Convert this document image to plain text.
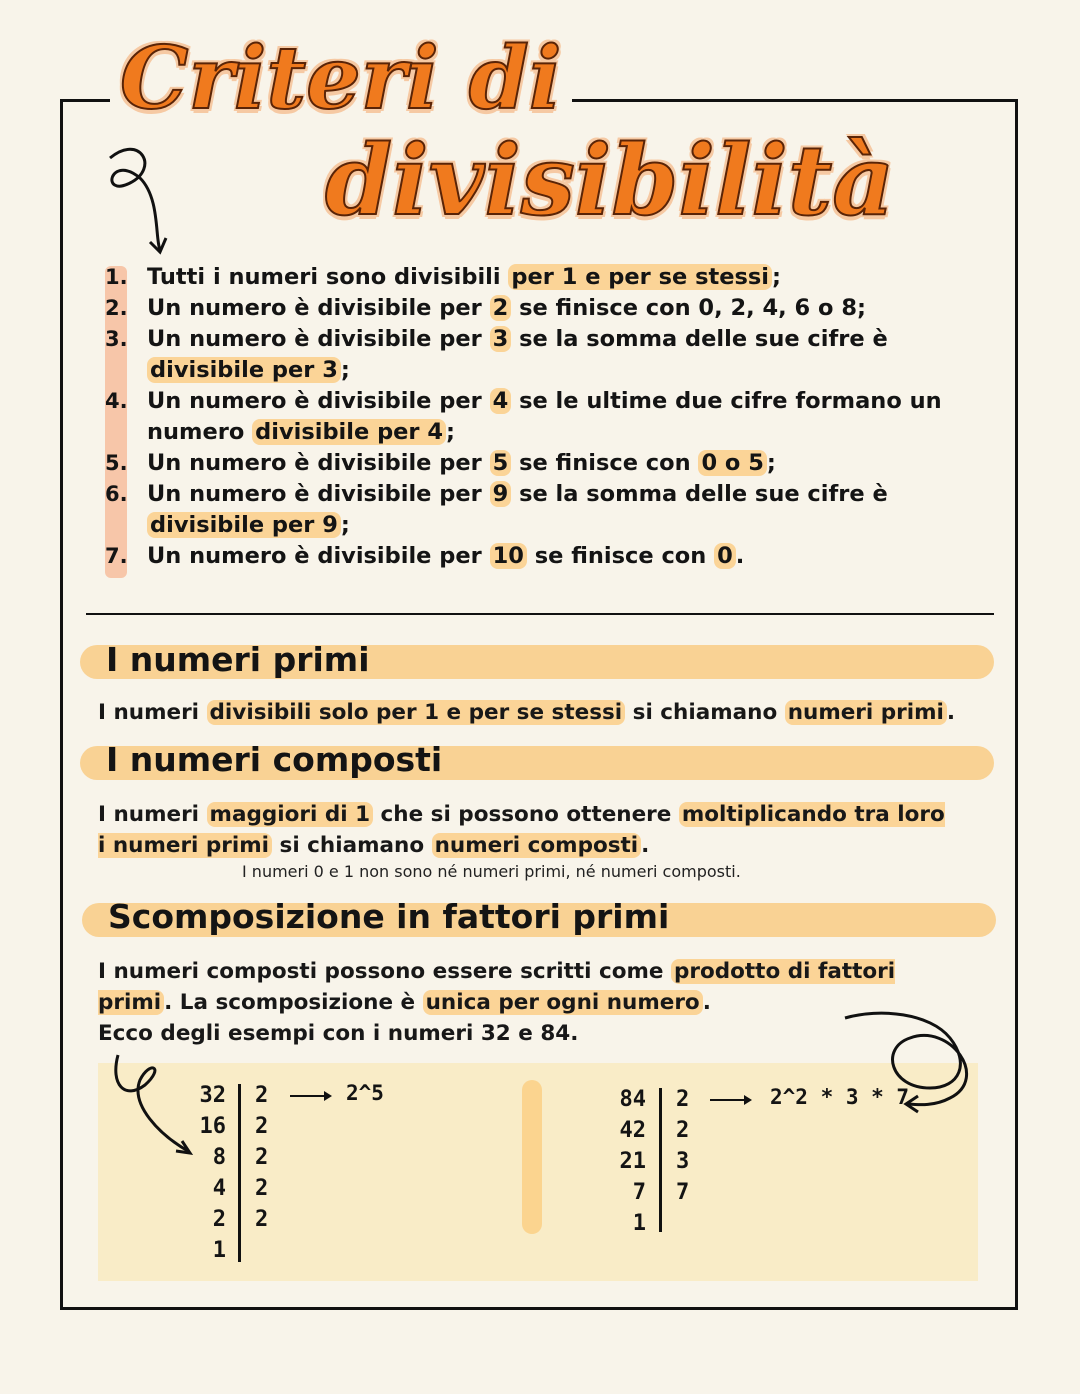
Criteri di
divisibilità
1. Tutti i numeri sono divisibili per 1 e per se stessi ;
2. Un numero è divisibile per 2 se finisce con 0, 2, 4, 6 o 8;
3. Un numero è divisibile per 3 se la somma delle sue cifre è divisibile per 3 ;
4. Un numero è divisibile per 4 se le ultime due cifre formano un numero divisibile per 4 ;
5. Un numero è divisibile per 5 se finisce con 0 o 5 ;
6. Un numero è divisibile per 9 se la somma delle sue cifre è divisibile per 9 ;
7. Un numero è divisibile per 10 se finisce con 0 .
I numeri primi
I numeri divisibili solo per 1 e per se stessi si chiamano numeri primi .
I numeri composti
I numeri maggiori di 1 che si possono ottenere moltiplicando tra loro i numeri primi si chiamano numeri composti .
I numeri 0 e 1 non sono né numeri primi, né numeri composti.
Scomposizione in fattori primi
I numeri composti possono essere scritti come prodotto di fattori primi . La scomposizione è unica per ogni numero .
Ecco degli esempi con i numeri 32 e 84.
32
16
8
4
2
1
2
2
2
2
2
2^5	84
42
21
7
1
2
2
3
7
2^2 * 3 * 7
